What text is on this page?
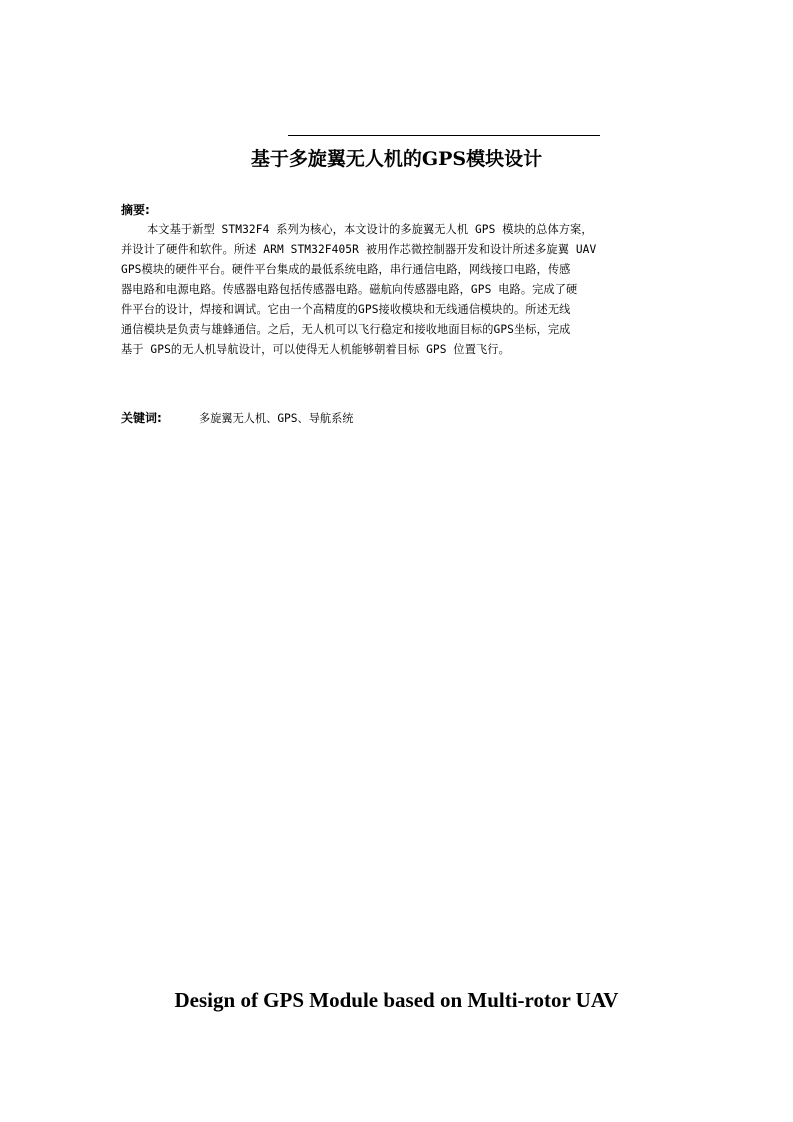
基于多旋翼无人机的GPS模块设计
摘要:
本文基于新型 STM32F4 系列为核心，本文设计的多旋翼无人机 GPS 模块的总体方案，
并设计了硬件和软件。所述 ARM STM32F405R 被用作芯微控制器开发和设计所述多旋翼 UAV
GPS模块的硬件平台。硬件平台集成的最低系统电路，串行通信电路，网线接口电路，传感
器电路和电源电路。传感器电路包括传感器电路。磁航向传感器电路，GPS 电路。完成了硬
件平台的设计，焊接和调试。它由一个高精度的GPS接收模块和无线通信模块的。所述无线
通信模块是负责与雄蜂通信。之后，无人机可以飞行稳定和接收地面目标的GPS坐标，完成
基于 GPS的无人机导航设计，可以使得无人机能够朝着目标 GPS 位置飞行。
关键词:	多旋翼无人机、GPS、导航系统
Design of GPS Module based on Multi-rotor UAV
